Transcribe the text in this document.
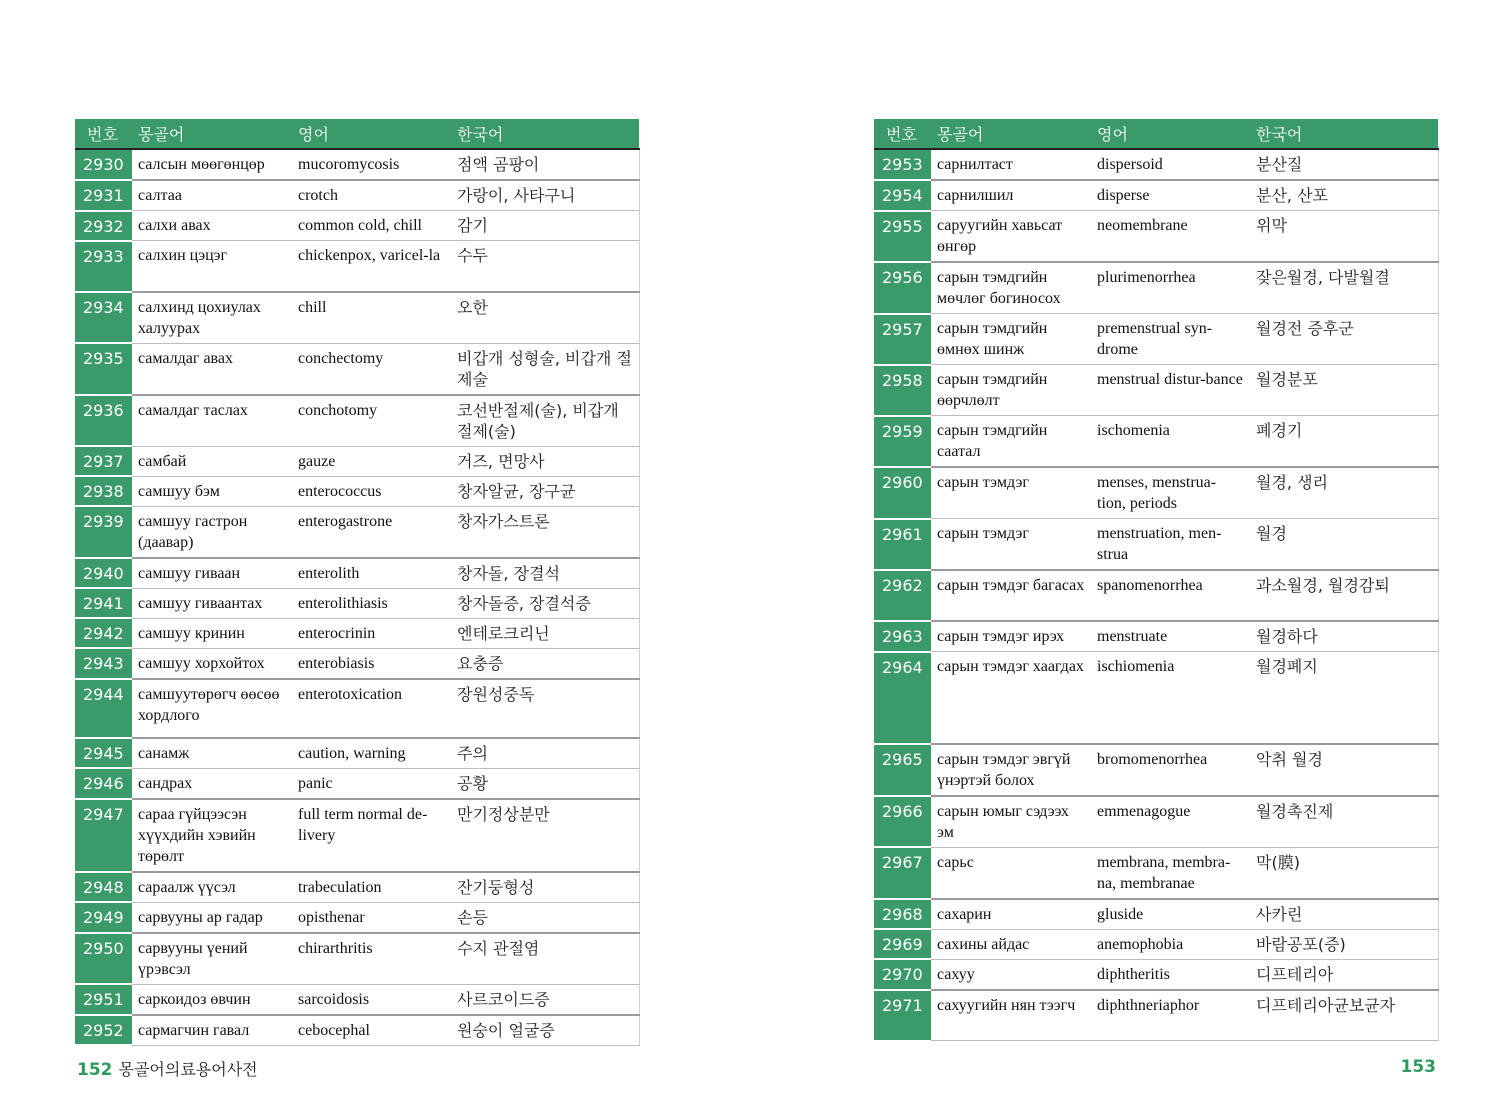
번호	몽골어	영어	한국어
2930	салсын мөөгөнцөр	mucoromycosis	점액 곰팡이
2931	салтаа	crotch	가랑이, 사타구니
2932	салхи авах	common cold, chill	감기
2933	салхин цэцэг	chickenpox, varicel-la	수두
2934	салхинд цохиулах халуурах	chill	오한
2935	самалдаг авах	conchectomy	비갑개 성형술, 비갑개 절제술
2936	самалдаг таслах	conchotomy	코선반절제(술), 비갑개 절제(술)
2937	самбай	gauze	거즈, 면망사
2938	самшуу бэм	enterococcus	창자알균, 장구균
2939	самшуу гастрон (даавар)	enterogastrone	창자가스트론
2940	самшуу гиваан	enterolith	창자돌, 장결석
2941	самшуу гиваантах	enterolithiasis	창자돌증, 장결석증
2942	самшуу кринин	enterocrinin	엔테로크리닌
2943	самшуу хорхойтох	enterobiasis	요충증
2944	самшуутөрөгч өөсөө хордлого	enterotoxication	장원성중독
2945	санамж	caution, warning	주의
2946	сандрах	panic	공황
2947	сараа гүйцээсэн хүүхдийн хэвийн төрөлт	full term normal de-livery	만기정상분만
2948	сараалж үүсэл	trabeculation	잔기둥형성
2949	сарвууны ар гадар	opisthenar	손등
2950	сарвууны үений үрэвсэл	chirarthritis	수지 관절염
2951	саркоидоз өвчин	sarcoidosis	사르코이드증
2952	сармагчин гавал	cebocephal	원숭이 얼굴증
번호	몽골어	영어	한국어
2953	сарнилтаст	dispersoid	분산질
2954	сарнилшил	disperse	분산, 산포
2955	саруугийн хавьсат өнгөр	neomembrane	위막
2956	сарын тэмдгийн мөчлөг богиносох	plurimenorrhea	잦은월경, 다발월결
2957	сарын тэмдгийн өмнөх шинж	premenstrual syn-drome	월경전 증후군
2958	сарын тэмдгийн өөрчлөлт	menstrual distur-bance	월경분포
2959	сарын тэмдгийн саатал	ischomenia	폐경기
2960	сарын тэмдэг	menses, menstrua-tion, periods	월경, 생리
2961	сарын тэмдэг	menstruation, men-strua	월경
2962	сарын тэмдэг багасах	spanomenorrhea	과소월경, 월경감퇴
2963	сарын тэмдэг ирэх	menstruate	월경하다
2964	сарын тэмдэг хаагдах	ischiomenia	월경폐지
2965	сарын тэмдэг эвгүй үнэртэй болох	bromomenorrhea	악취 월경
2966	сарын юмыг сэдээх эм	emmenagogue	월경촉진제
2967	сарьс	membrana, membra-na, membranae	막(膜)
2968	сахарин	gluside	사카린
2969	сахины айдас	anemophobia	바람공포(증)
2970	сахуу	diphtheritis	디프테리아
2971	сахуугийн нян тээгч	diphthneriaphor	디프테리아균보균자
152 몽골어의료용어사전	153
